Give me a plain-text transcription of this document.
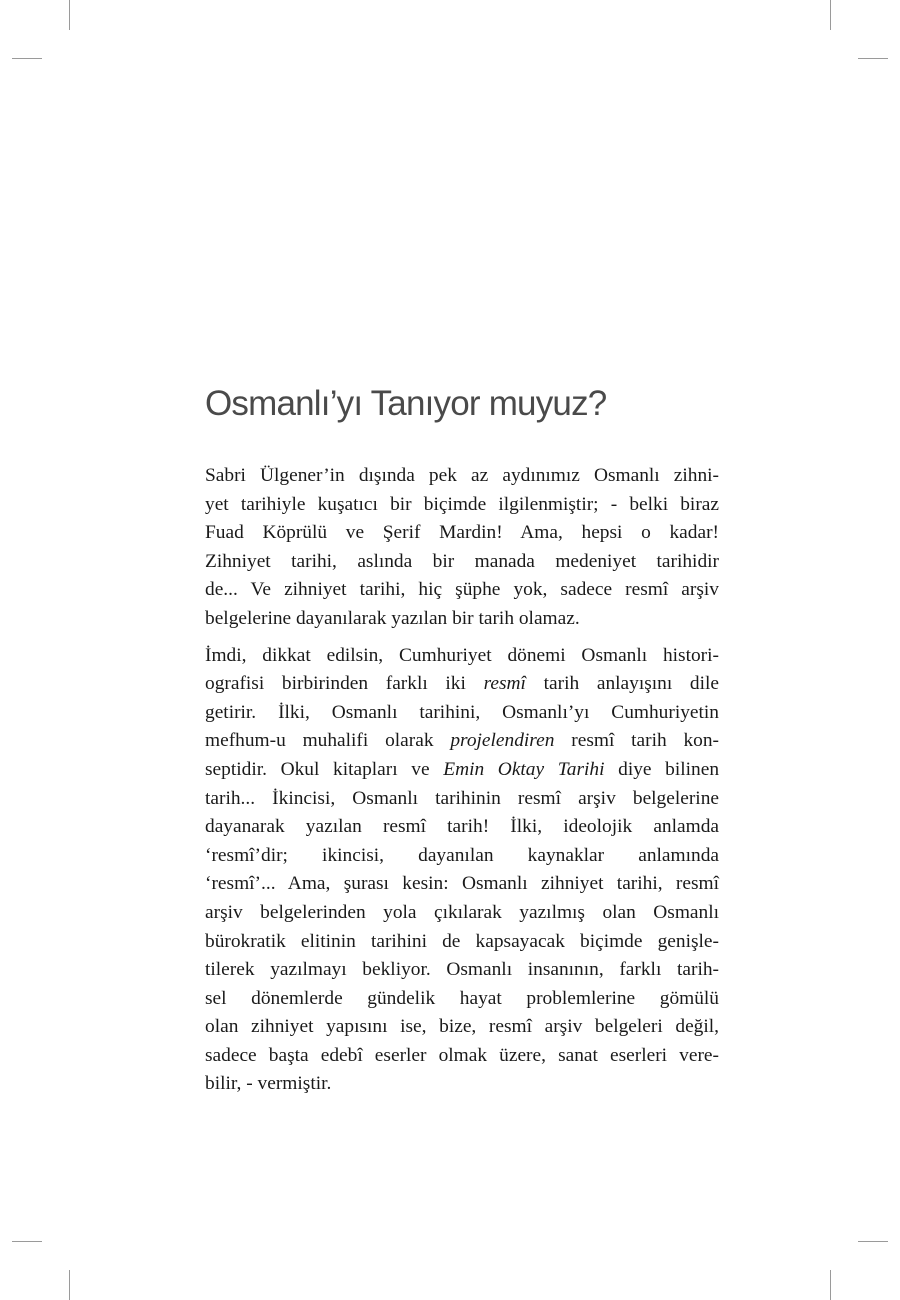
Osmanlı’yı Tanıyor muyuz?

Sabri Ülgener’in dışında pek az aydınımız Osmanlı zihni-
yet tarihiyle kuşatıcı bir biçimde ilgilenmiştir; - belki biraz
Fuad Köprülü ve Şerif Mardin! Ama, hepsi o kadar!
Zihniyet tarihi, aslında bir manada medeniyet tarihidir
de... Ve zihniyet tarihi, hiç şüphe yok, sadece resmî arşiv
belgelerine dayanılarak yazılan bir tarih olamaz.

İmdi, dikkat edilsin, Cumhuriyet dönemi Osmanlı histori-
ografisi birbirinden farklı iki resmî tarih anlayışını dile
getirir. İlki, Osmanlı tarihini, Osmanlı’yı Cumhuriyetin
mefhum-u muhalifi olarak projelendiren resmî tarih kon-
septidir. Okul kitapları ve Emin Oktay Tarihi diye bilinen
tarih... İkincisi, Osmanlı tarihinin resmî arşiv belgelerine
dayanarak yazılan resmî tarih! İlki, ideolojik anlamda
‘resmî’dir; ikincisi, dayanılan kaynaklar anlamında
‘resmî’... Ama, şurası kesin: Osmanlı zihniyet tarihi, resmî
arşiv belgelerinden yola çıkılarak yazılmış olan Osmanlı
bürokratik elitinin tarihini de kapsayacak biçimde genişle-
tilerek yazılmayı bekliyor. Osmanlı insanının, farklı tarih-
sel dönemlerde gündelik hayat problemlerine gömülü
olan zihniyet yapısını ise, bize, resmî arşiv belgeleri değil,
sadece başta edebî eserler olmak üzere, sanat eserleri vere-
bilir, - vermiştir.
